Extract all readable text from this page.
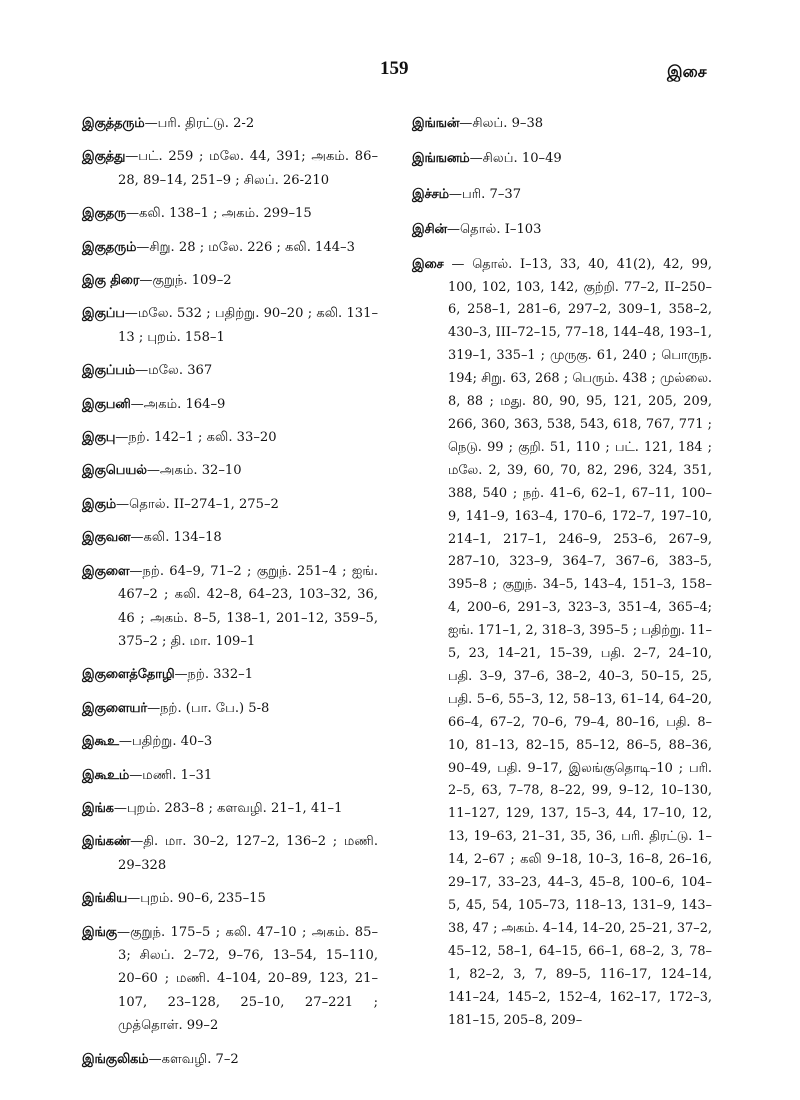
159	இசை

இகுத்தரும்—பரி. திரட்டு. 2-2

இகுத்து—பட். 259 ; மலே. 44, 391; அகம். 86–28, 89–14, 251–9 ; சிலப். 26-210

இகுதரு—கலி. 138–1 ; அகம். 299–15

இகுதரும்—சிறு. 28 ; மலே. 226 ; கலி. 144–3

இகு திரை—குறுந். 109–2

இகுப்ப—மலே. 532 ; பதிற்று. 90–20 ; கலி. 131–13 ; புறம். 158–1

இகுப்பம்—மலே. 367

இகுபனி—அகம். 164–9

இகுபு—நற். 142–1 ; கலி. 33–20

இகுபெயல்—அகம். 32–10

இகும்—தொல். II–274–1, 275–2

இகுவன—கலி. 134–18

இகுளை—நற். 64–9, 71–2 ; குறுந். 251–4 ; ஐங். 467–2 ; கலி. 42–8, 64–23, 103–32, 36, 46 ; அகம். 8–5, 138–1, 201–12, 359–5, 375–2 ; தி. மா. 109–1

இகுளைத்தோழி—நற். 332–1

இகுளையர்—நற். (பா. பே.) 5-8

இகூஉ—பதிற்று. 40–3

இகூஉம்—மணி. 1–31

இங்க—புறம். 283–8 ; களவழி. 21–1, 41–1

இங்கண்—தி. மா. 30–2, 127–2, 136–2 ; மணி. 29–328

இங்கிய—புறம். 90–6, 235–15

இங்கு—குறுந். 175–5 ; கலி. 47–10 ; அகம். 85–3; சிலப். 2–72, 9–76, 13–54, 15–110, 20–60 ; மணி. 4–104, 20–89, 123, 21–107, 23–128, 25–10, 27–221 ; முத்தொள். 99–2

இங்குலிகம்—களவழி. 7–2

இங்ஙன்—சிலப். 9–38

இங்ஙனம்—சிலப். 10–49

இச்சம்—பரி. 7–37

இசின்—தொல். I–103

இசை — தொல். I–13, 33, 40, 41(2), 42, 99, 100, 102, 103, 142, குற்றி. 77–2, II–250–6, 258–1, 281–6, 297–2, 309–1, 358–2, 430–3, III–72–15, 77–18, 144–48, 193–1, 319–1, 335–1 ; முருகு. 61, 240 ; பொருந. 194; சிறு. 63, 268 ; பெரும். 438 ; முல்லை. 8, 88 ; மது. 80, 90, 95, 121, 205, 209, 266, 360, 363, 538, 543, 618, 767, 771 ; நெடு. 99 ; குறி. 51, 110 ; பட். 121, 184 ; மலே. 2, 39, 60, 70, 82, 296, 324, 351, 388, 540 ; நற். 41–6, 62–1, 67–11, 100–9, 141–9, 163–4, 170–6, 172–7, 197–10, 214–1, 217–1, 246–9, 253–6, 267–9, 287–10, 323–9, 364–7, 367–6, 383–5, 395–8 ; குறுந். 34–5, 143–4, 151–3, 158–4, 200–6, 291–3, 323–3, 351–4, 365–4; ஐங். 171–1, 2, 318–3, 395–5 ; பதிற்று. 11–5, 23, 14–21, 15–39, பதி. 2–7, 24–10, பதி. 3–9, 37–6, 38–2, 40–3, 50–15, 25, பதி. 5–6, 55–3, 12, 58–13, 61–14, 64–20, 66–4, 67–2, 70–6, 79–4, 80–16, பதி. 8–10, 81–13, 82–15, 85–12, 86–5, 88–36, 90–49, பதி. 9–17, இலங்குதொடி–10 ; பரி. 2–5, 63, 7–78, 8–22, 99, 9–12, 10–130, 11–127, 129, 137, 15–3, 44, 17–10, 12, 13, 19–63, 21–31, 35, 36, பரி. திரட்டு. 1–14, 2–67 ; கலி 9–18, 10–3, 16–8, 26–16, 29–17, 33–23, 44–3, 45–8, 100–6, 104–5, 45, 54, 105–73, 118–13, 131–9, 143–38, 47 ; அகம். 4–14, 14–20, 25–21, 37–2, 45–12, 58–1, 64–15, 66–1, 68–2, 3, 78–1, 82–2, 3, 7, 89–5, 116–17, 124–14, 141–24, 145–2, 152–4, 162–17, 172–3, 181–15, 205–8, 209–
